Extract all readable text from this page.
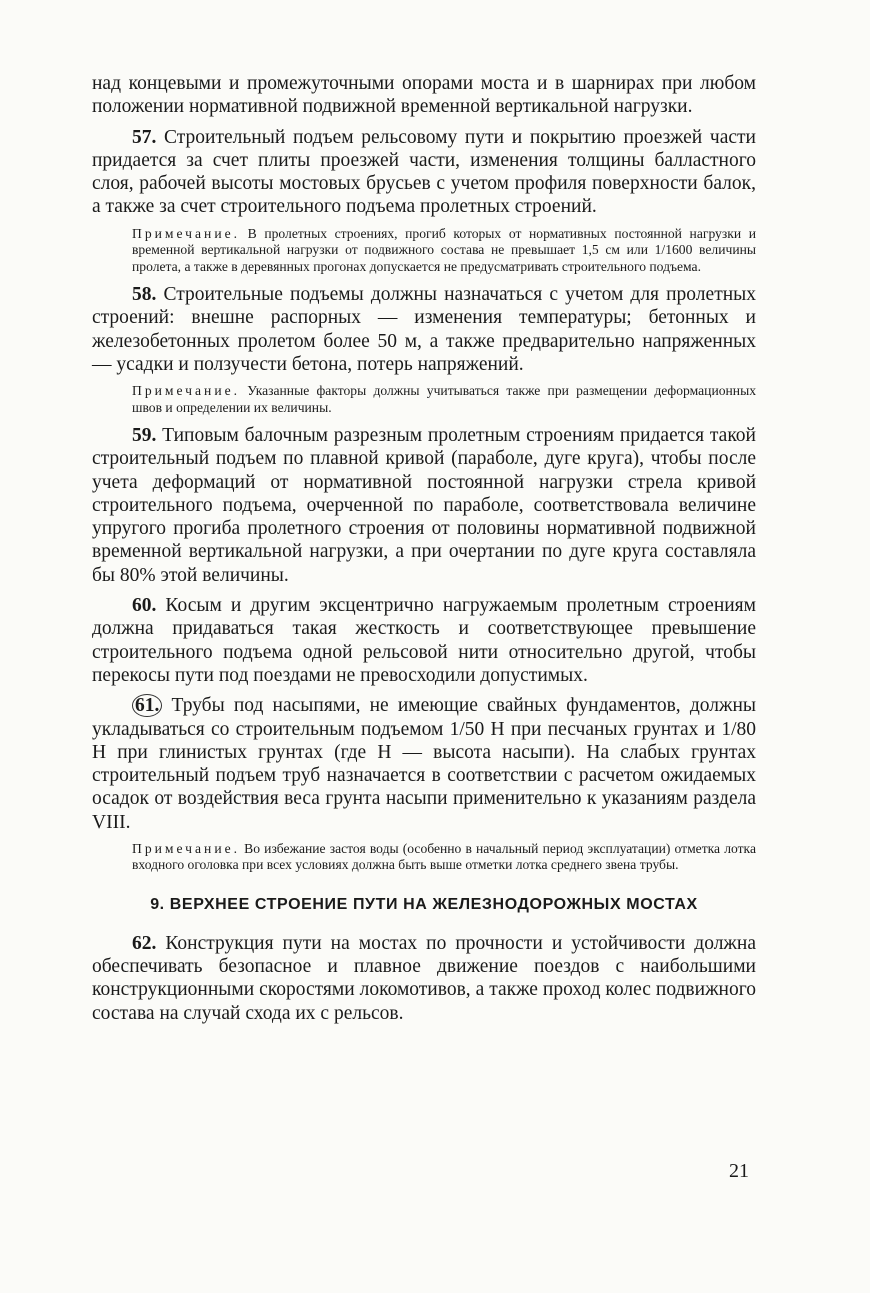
над концевыми и промежуточными опорами моста и в шарнирах при любом положении нормативной подвижной временной вертикальной нагрузки.

57. Строительный подъем рельсовому пути и покрытию проезжей части придается за счет плиты проезжей части, изменения толщины балластного слоя, рабочей высоты мостовых брусьев с учетом профиля поверхности балок, а также за счет строительного подъема пролетных строений.

Примечание. В пролетных строениях, прогиб которых от нормативных постоянной нагрузки и временной вертикальной нагрузки от подвижного состава не превышает 1,5 см или 1/1600 величины пролета, а также в деревянных прогонах допускается не предусматривать строительного подъема.

58. Строительные подъемы должны назначаться с учетом для пролетных строений: внешне распорных — изменения температуры; бетонных и железобетонных пролетом более 50 м, а также предварительно напряженных — усадки и ползучести бетона, потерь напряжений.

Примечание. Указанные факторы должны учитываться также при размещении деформационных швов и определении их величины.

59. Типовым балочным разрезным пролетным строениям придается такой строительный подъем по плавной кривой (параболе, дуге круга), чтобы после учета деформаций от нормативной постоянной нагрузки стрела кривой строительного подъема, очерченной по параболе, соответствовала величине упругого прогиба пролетного строения от половины нормативной подвижной временной вертикальной нагрузки, а при очертании по дуге круга составляла бы 80% этой величины.

60. Косым и другим эксцентрично нагружаемым пролетным строениям должна придаваться такая жесткость и соответствующее превышение строительного подъема одной рельсовой нити относительно другой, чтобы перекосы пути под поездами не превосходили допустимых.

61. Трубы под насыпями, не имеющие свайных фундаментов, должны укладываться со строительным подъемом 1/50 H при песчаных грунтах и 1/80 H при глинистых грунтах (где H — высота насыпи). На слабых грунтах строительный подъем труб назначается в соответствии с расчетом ожидаемых осадок от воздействия веса грунта насыпи применительно к указаниям раздела VIII.

Примечание. Во избежание застоя воды (особенно в начальный период эксплуатации) отметка лотка входного оголовка при всех условиях должна быть выше отметки лотка среднего звена трубы.

9. ВЕРХНЕЕ СТРОЕНИЕ ПУТИ НА ЖЕЛЕЗНОДОРОЖНЫХ МОСТАХ

62. Конструкция пути на мостах по прочности и устойчивости должна обеспечивать безопасное и плавное движение поездов с наибольшими конструкционными скоростями локомотивов, а также проход колес подвижного состава на случай схода их с рельсов.

21
